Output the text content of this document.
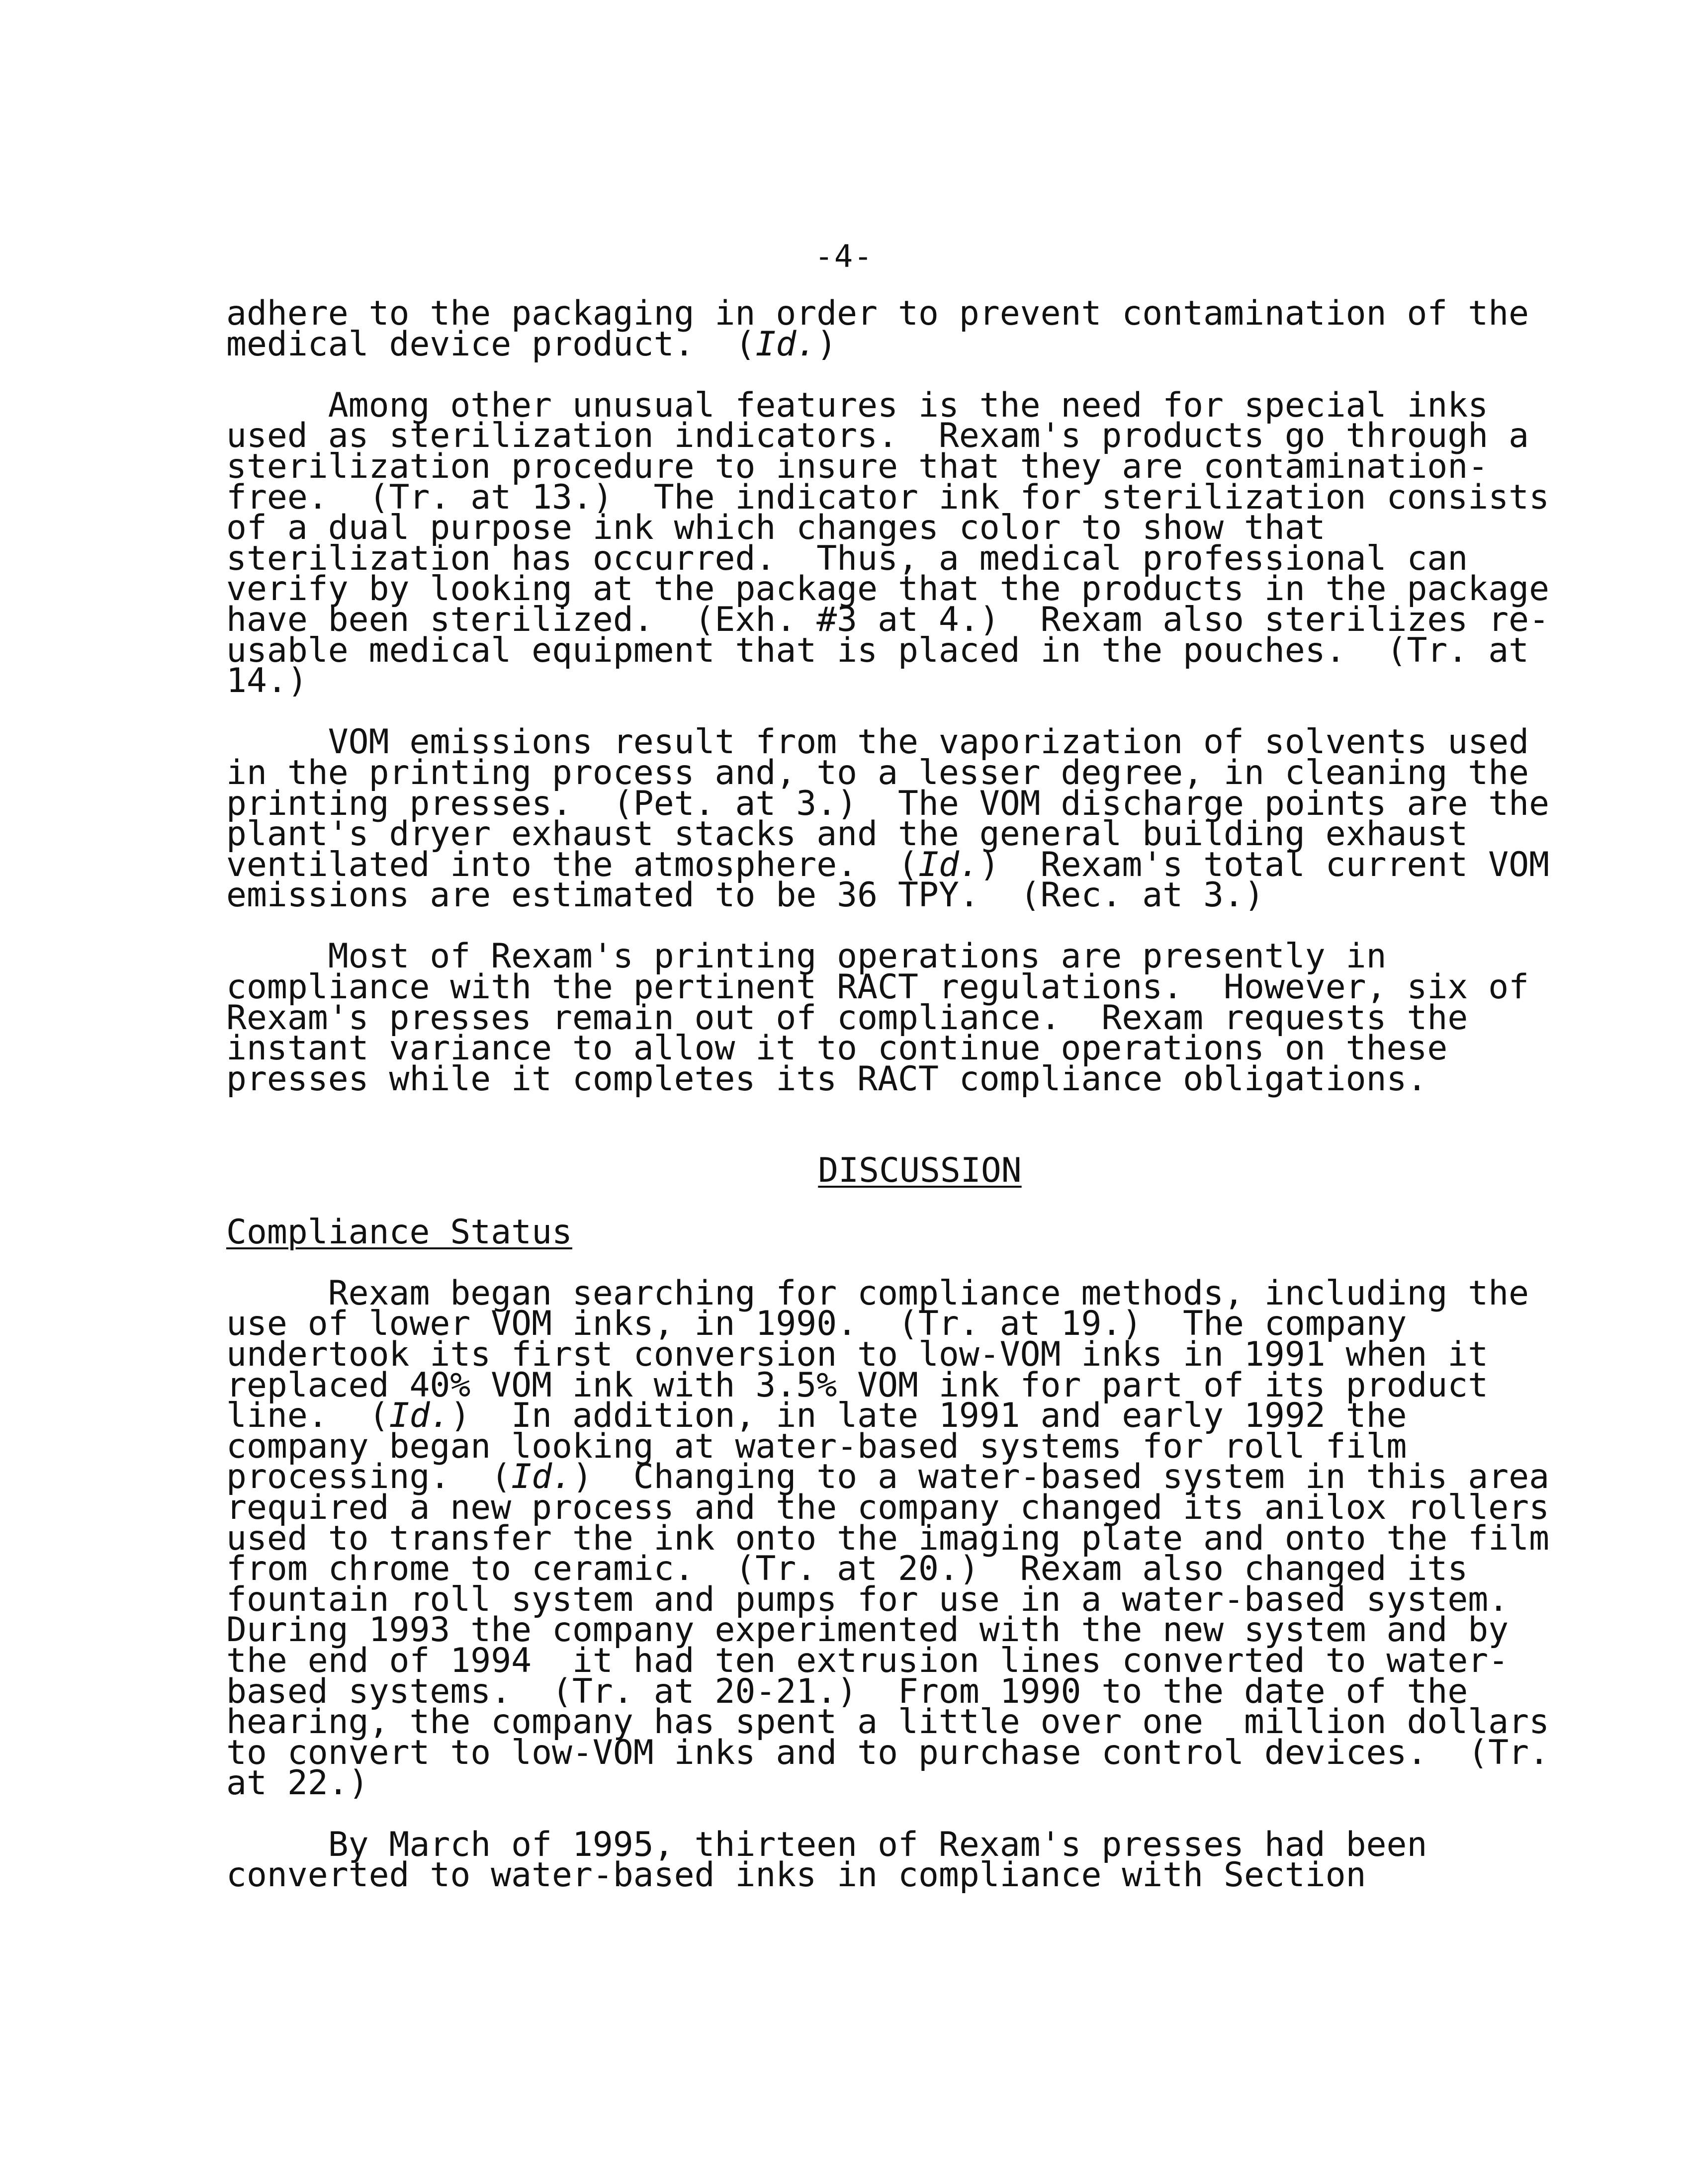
-4-
adhere to the packaging in order to prevent contamination of the
medical device product.  (Id.)
Among other unusual features is the need for special inks
used as sterilization indicators.  Rexam's products go through a
sterilization procedure to insure that they are contamination-
free.  (Tr. at 13.)  The indicator ink for sterilization consists
of a dual purpose ink which changes color to show that
sterilization has occurred.  Thus, a medical professional can
verify by looking at the package that the products in the package
have been sterilized.  (Exh. #3 at 4.)  Rexam also sterilizes re-
usable medical equipment that is placed in the pouches.  (Tr. at
14.)
VOM emissions result from the vaporization of solvents used
in the printing process and, to a lesser degree, in cleaning the
printing presses.  (Pet. at 3.)  The VOM discharge points are the
plant's dryer exhaust stacks and the general building exhaust
ventilated into the atmosphere.  (Id.)  Rexam's total current VOM
emissions are estimated to be 36 TPY.  (Rec. at 3.)
Most of Rexam's printing operations are presently in
compliance with the pertinent RACT regulations.  However, six of
Rexam's presses remain out of compliance.  Rexam requests the
instant variance to allow it to continue operations on these
presses while it completes its RACT compliance obligations.
DISCUSSION
Compliance Status
Rexam began searching for compliance methods, including the
use of lower VOM inks, in 1990.  (Tr. at 19.)  The company
undertook its first conversion to low-VOM inks in 1991 when it
replaced 40% VOM ink with 3.5% VOM ink for part of its product
line.  (Id.)  In addition, in late 1991 and early 1992 the
company began looking at water-based systems for roll film
processing.  (Id.)  Changing to a water-based system in this area
required a new process and the company changed its anilox rollers
used to transfer the ink onto the imaging plate and onto the film
from chrome to ceramic.  (Tr. at 20.)  Rexam also changed its
fountain roll system and pumps for use in a water-based system.
During 1993 the company experimented with the new system and by
the end of 1994  it had ten extrusion lines converted to water-
based systems.  (Tr. at 20-21.)  From 1990 to the date of the
hearing, the company has spent a little over one  million dollars
to convert to low-VOM inks and to purchase control devices.  (Tr.
at 22.)
By March of 1995, thirteen of Rexam's presses had been
converted to water-based inks in compliance with Section
